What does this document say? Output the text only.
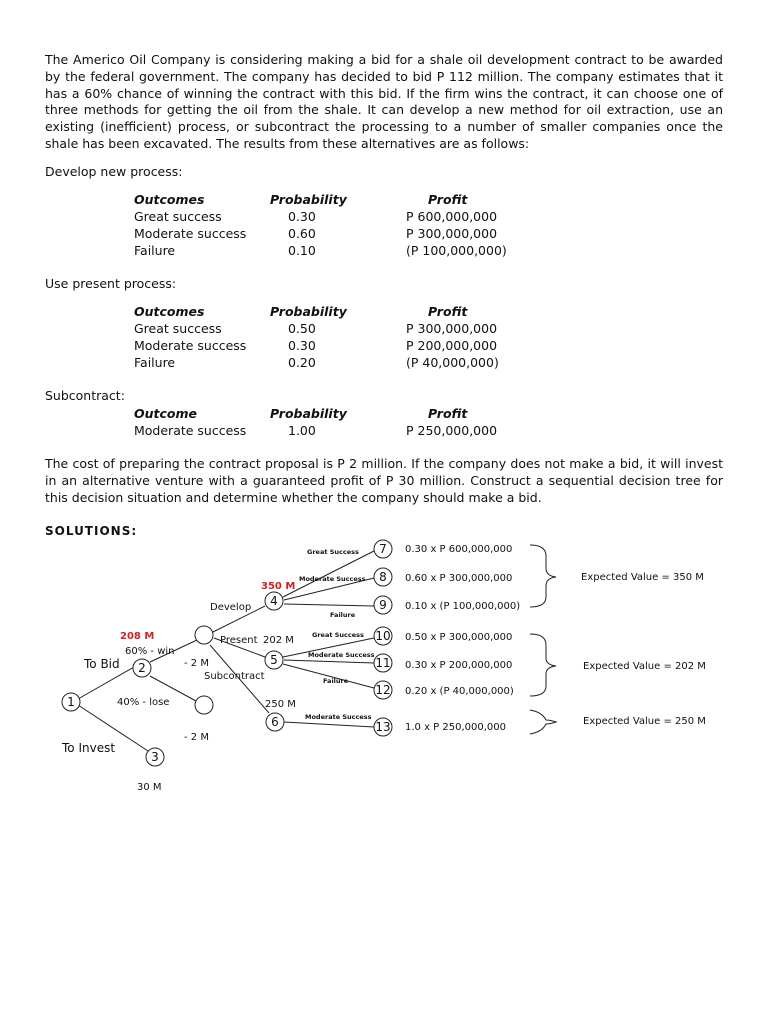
The Americo Oil Company is considering making a bid for a shale oil development contract to be awarded by the federal government. The company has decided to bid P 112 million. The company estimates that it has a 60% chance of winning the contract with this bid. If the firm wins the contract, it can choose one of three methods for getting the oil from the shale. It can develop a new method for oil extraction, use an existing (inefficient) process, or subcontract the processing to a number of smaller companies once the shale has been excavated. The results from these alternatives are as follows:

Develop new process:

Outcomes	Probability	Profit
Great success	0.30	P 600,000,000
Moderate success	0.60	P 300,000,000
Failure	0.10	(P 100,000,000)

Use present process:

Outcomes	Probability	Profit
Great success	0.50	P 300,000,000
Moderate success	0.30	P 200,000,000
Failure	0.20	(P 40,000,000)

Subcontract:

Outcome	Probability	Profit
Moderate success	1.00	P 250,000,000

The cost of preparing the contract proposal is P 2 million. If the company does not make a bid, it will invest in an alternative venture with a guaranteed profit of P 30 million. Construct a sequential decision tree for this decision situation and determine whether the company should make a bid.

SOLUTIONS:

1
2
3
4
5
6
7
8
9
10
11
12
13
208 M
350 M
To Bid
To Invest
60% - win
40% - lose
- 2 M
- 2 M
30 M
Develop
Present 202 M
Subcontract
250 M
Great Success
Moderate Success
Failure
Great Success
Moderate Success
Failure
Moderate Success
0.30 x P 600,000,000
0.60 x P 300,000,000
0.10 x (P 100,000,000)
0.50 x P 300,000,000
0.30 x P 200,000,000
0.20 x (P 40,000,000)
1.0 x P 250,000,000
Expected Value = 350 M
Expected Value = 202 M
Expected Value = 250 M
